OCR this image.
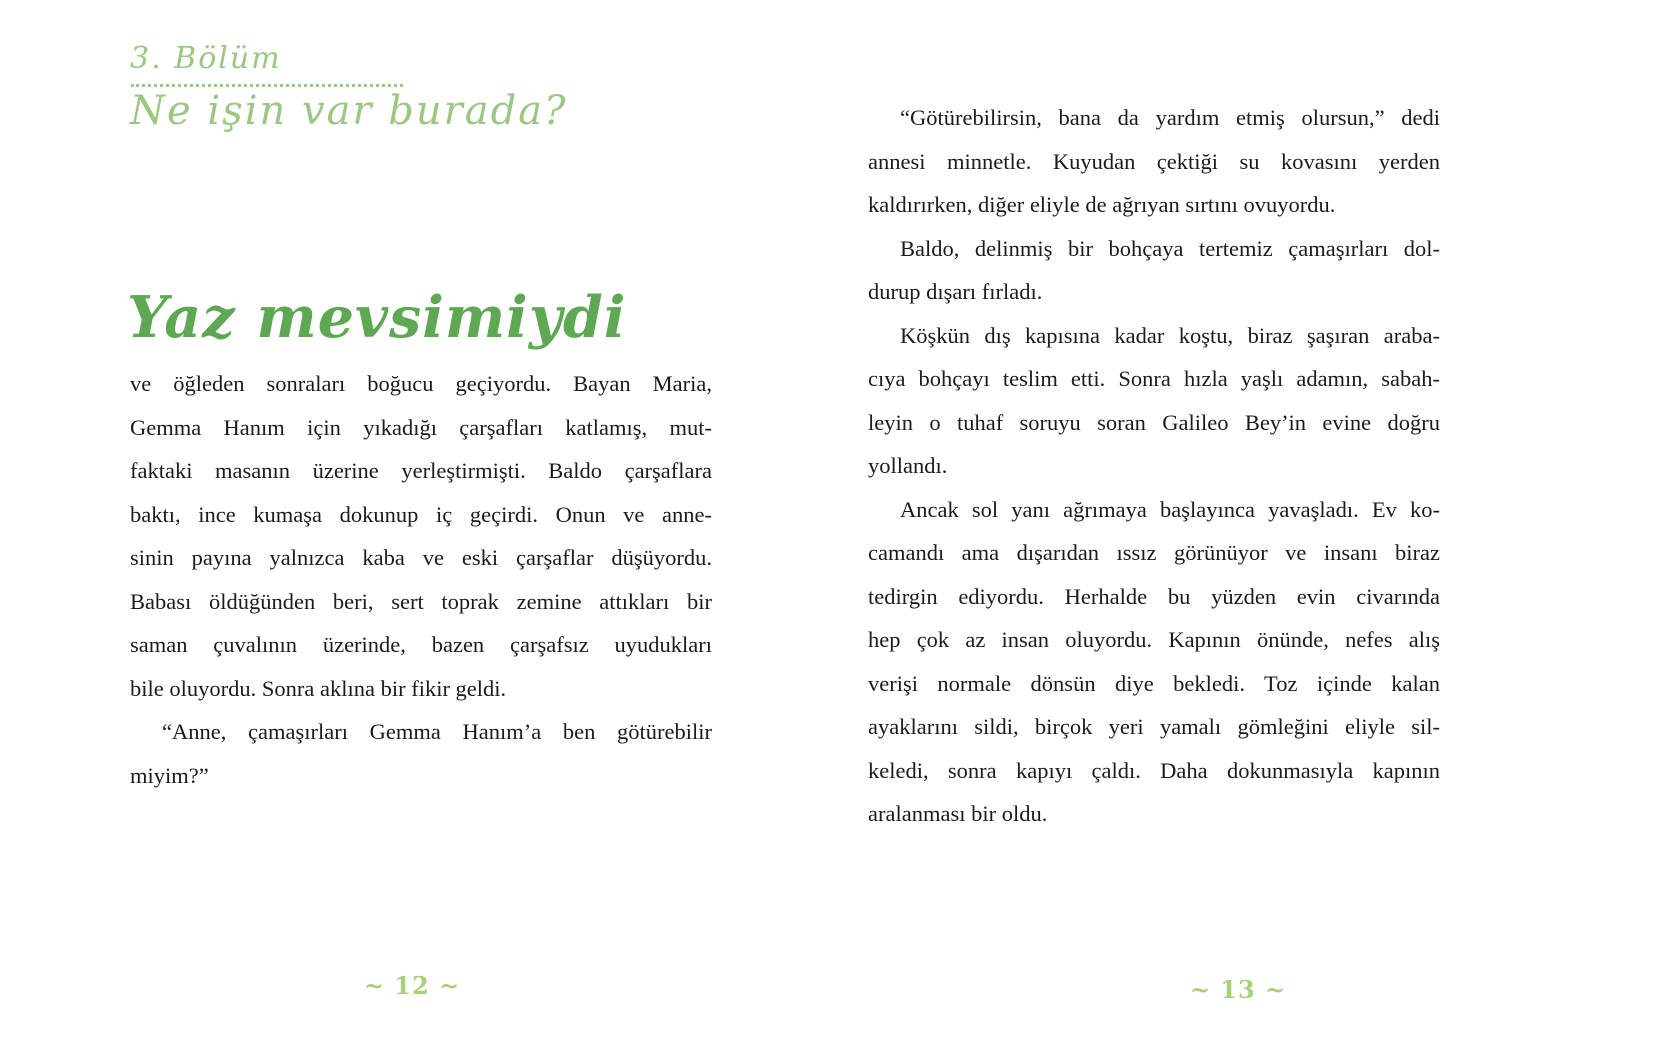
3. Bölüm
Ne işin var burada?
Yaz mevsimiydi
ve öğleden sonraları boğucu geçiyordu. Bayan Maria,
Gemma Hanım için yıkadığı çarşafları katlamış, mut-
faktaki masanın üzerine yerleştirmişti. Baldo çarşaflara
baktı, ince kumaşa dokunup iç geçirdi. Onun ve anne-
sinin payına yalnızca kaba ve eski çarşaflar düşüyordu.
Babası öldüğünden beri, sert toprak zemine attıkları bir
saman çuvalının üzerinde, bazen çarşafsız uyudukları
bile oluyordu. Sonra aklına bir fikir geldi.
“Anne, çamaşırları Gemma Hanım’a ben götürebilir
miyim?”
~ 12 ~
“Götürebilirsin, bana da yardım etmiş olursun,” dedi
annesi minnetle. Kuyudan çektiği su kovasını yerden
kaldırırken, diğer eliyle de ağrıyan sırtını ovuyordu.
Baldo, delinmiş bir bohçaya tertemiz çamaşırları dol-
durup dışarı fırladı.
Köşkün dış kapısına kadar koştu, biraz şaşıran araba-
cıya bohçayı teslim etti. Sonra hızla yaşlı adamın, sabah-
leyin o tuhaf soruyu soran Galileo Bey’in evine doğru
yollandı.
Ancak sol yanı ağrımaya başlayınca yavaşladı. Ev ko-
camandı ama dışarıdan ıssız görünüyor ve insanı biraz
tedirgin ediyordu. Herhalde bu yüzden evin civarında
hep çok az insan oluyordu. Kapının önünde, nefes alış
verişi normale dönsün diye bekledi. Toz içinde kalan
ayaklarını sildi, birçok yeri yamalı gömleğini eliyle sil-
keledi, sonra kapıyı çaldı. Daha dokunmasıyla kapının
aralanması bir oldu.
~ 13 ~
